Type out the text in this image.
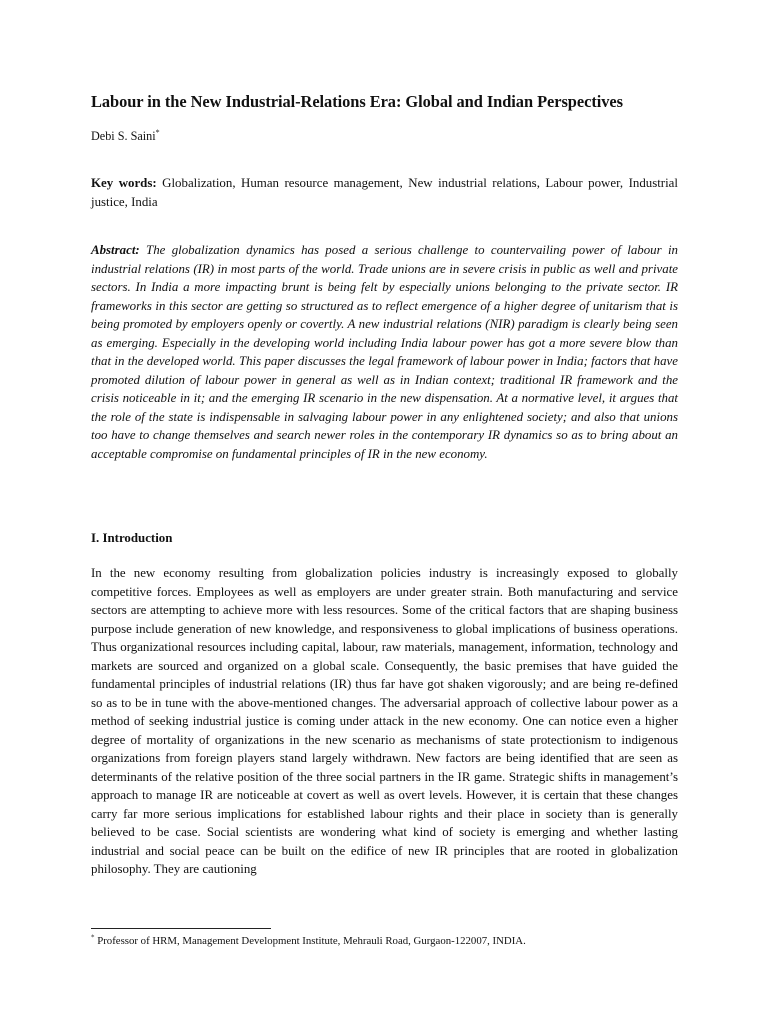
Labour in the New Industrial-Relations Era: Global and Indian Perspectives
Debi S. Saini*

Key words: Globalization, Human resource management, New industrial relations, Labour power, Industrial justice, India

Abstract: The globalization dynamics has posed a serious challenge to countervailing power of labour in industrial relations (IR) in most parts of the world. Trade unions are in severe crisis in public as well and private sectors. In India a more impacting brunt is being felt by especially unions belonging to the private sector. IR frameworks in this sector are getting so structured as to reflect emergence of a higher degree of unitarism that is being promoted by employers openly or covertly. A new industrial relations (NIR) paradigm is clearly being seen as emerging. Especially in the developing world including India labour power has got a more severe blow than that in the developed world. This paper discusses the legal framework of labour power in India; factors that have promoted dilution of labour power in general as well as in Indian context; traditional IR framework and the crisis noticeable in it; and the emerging IR scenario in the new dispensation. At a normative level, it argues that the role of the state is indispensable in salvaging labour power in any enlightened society; and also that unions too have to change themselves and search newer roles in the contemporary IR dynamics so as to bring about an acceptable compromise on fundamental principles of IR in the new economy.

I. Introduction

In the new economy resulting from globalization policies industry is increasingly exposed to globally competitive forces. Employees as well as employers are under greater strain. Both manufacturing and service sectors are attempting to achieve more with less resources. Some of the critical factors that are shaping business purpose include generation of new knowledge, and responsiveness to global implications of business operations. Thus organizational resources including capital, labour, raw materials, management, information, technology and markets are sourced and organized on a global scale. Consequently, the basic premises that have guided the fundamental principles of industrial relations (IR) thus far have got shaken vigorously; and are being re-defined so as to be in tune with the above-mentioned changes. The adversarial approach of collective labour power as a method of seeking industrial justice is coming under attack in the new economy. One can notice even a higher degree of mortality of organizations in the new scenario as mechanisms of state protectionism to indigenous organizations from foreign players stand largely withdrawn. New factors are being identified that are seen as determinants of the relative position of the three social partners in the IR game. Strategic shifts in management’s approach to manage IR are noticeable at covert as well as overt levels. However, it is certain that these changes carry far more serious implications for established labour rights and their place in society than is generally believed to be case. Social scientists are wondering what kind of society is emerging and whether lasting industrial and social peace can be built on the edifice of new IR principles that are rooted in globalization philosophy. They are cautioning

* Professor of HRM, Management Development Institute, Mehrauli Road, Gurgaon-122007, INDIA.
